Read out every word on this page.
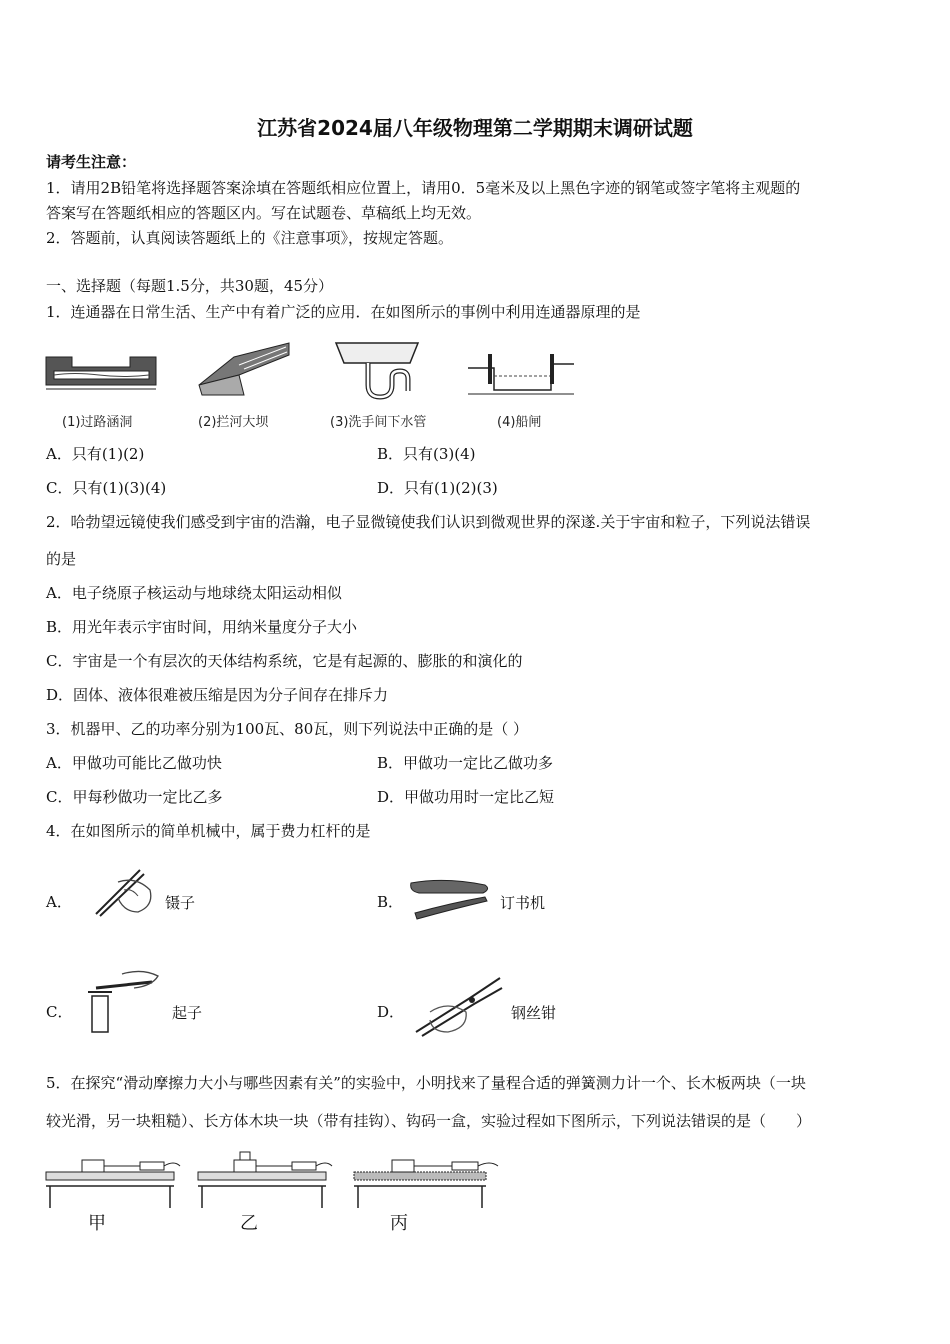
江苏省2024届八年级物理第二学期期末调研试题
请考生注意：
1．请用2B铅笔将选择题答案涂填在答题纸相应位置上，请用0．5毫米及以上黑色字迹的钢笔或签字笔将主观题的
答案写在答题纸相应的答题区内。写在试题卷、草稿纸上均无效。
2．答题前，认真阅读答题纸上的《注意事项》，按规定答题。
一、选择题（每题1.5分，共30题，45分）
1．连通器在日常生活、生产中有着广泛的应用．在如图所示的事例中利用连通器原理的是
(1)过路涵洞	(2)拦河大坝	(3)洗手间下水管	(4)船闸
A．只有(1)(2)	B．只有(3)(4)
C．只有(1)(3)(4)	D．只有(1)(2)(3)
2．哈勃望远镜使我们感受到宇宙的浩瀚，电子显微镜使我们认识到微观世界的深遂.关于宇宙和粒子，下列说法错误
的是
A．电子绕原子核运动与地球绕太阳运动相似
B．用光年表示宇宙时间，用纳米量度分子大小
C．宇宙是一个有层次的天体结构系统，它是有起源的、膨胀的和演化的
D．固体、液体很难被压缩是因为分子间存在排斥力
3．机器甲、乙的功率分别为100瓦、80瓦，则下列说法中正确的是（ ）
A．甲做功可能比乙做功快	B．甲做功一定比乙做功多
C．甲每秒做功一定比乙多	D．甲做功用时一定比乙短
4．在如图所示的简单机械中，属于费力杠杆的是
A．	镊子	B．	订书机
C．	起子	D．	钢丝钳
5．在探究“滑动摩擦力大小与哪些因素有关”的实验中，小明找来了量程合适的弹簧测力计一个、长木板两块（一块
较光滑，另一块粗糙）、长方体木块一块（带有挂钩）、钩码一盒，实验过程如下图所示，下列说法错误的是（　　）
甲	乙	丙
